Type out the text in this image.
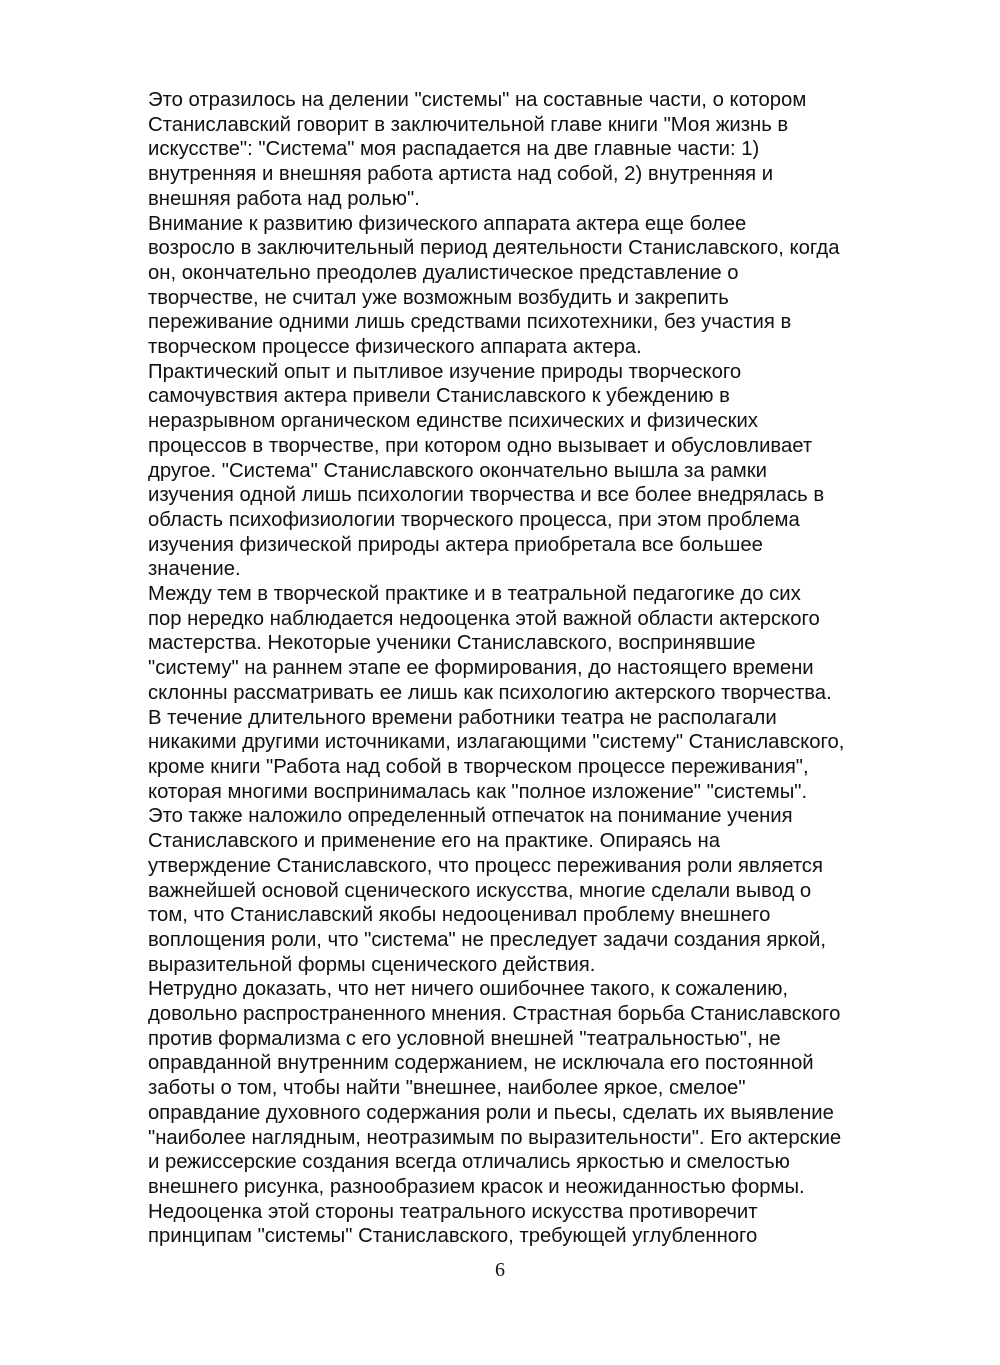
Это отразилось на делении "системы" на составные части, о котором
Станиславский говорит в заключительной главе книги "Моя жизнь в
искусстве": "Система" моя распадается на две главные части: 1)
внутренняя и внешняя работа артиста над собой, 2) внутренняя и
внешняя работа над ролью".

Внимание к развитию физического аппарата актера еще более
возросло в заключительный период деятельности Станиславского, когда
он, окончательно преодолев дуалистическое представление о
творчестве, не считал уже возможным возбудить и закрепить
переживание одними лишь средствами психотехники, без участия в
творческом процессе физического аппарата актера.

Практический опыт и пытливое изучение природы творческого
самочувствия актера привели Станиславского к убеждению в
неразрывном органическом единстве психических и физических
процессов в творчестве, при котором одно вызывает и обусловливает
другое. "Система" Станиславского окончательно вышла за рамки
изучения одной лишь психологии творчества и все более внедрялась в
область психофизиологии творческого процесса, при этом проблема
изучения физической природы актера приобретала все большее
значение.

Между тем в творческой практике и в театральной педагогике до сих
пор нередко наблюдается недооценка этой важной области актерского
мастерства. Некоторые ученики Станиславского, воспринявшие
"систему" на раннем этапе ее формирования, до настоящего времени
склонны рассматривать ее лишь как психологию актерского творчества.
В течение длительного времени работники театра не располагали
никакими другими источниками, излагающими "систему" Станиславского,
кроме книги "Работа над собой в творческом процессе переживания",
которая многими воспринималась как "полное изложение" "системы".
Это также наложило определенный отпечаток на понимание учения
Станиславского и применение его на практике. Опираясь на
утверждение Станиславского, что процесс переживания роли является
важнейшей основой сценического искусства, многие сделали вывод о
том, что Станиславский якобы недооценивал проблему внешнего
воплощения роли, что "система" не преследует задачи создания яркой,
выразительной формы сценического действия.

Нетрудно доказать, что нет ничего ошибочнее такого, к сожалению,
довольно распространенного мнения. Страстная борьба Станиславского
против формализма с его условной внешней "театральностью", не
оправданной внутренним содержанием, не исключала его постоянной
заботы о том, чтобы найти "внешнее, наиболее яркое, смелое"
оправдание духовного содержания роли и пьесы, сделать их выявление
"наиболее наглядным, неотразимым по выразительности". Его актерские
и режиссерские создания всегда отличались яркостью и смелостью
внешнего рисунка, разнообразием красок и неожиданностью формы.

Недооценка этой стороны театрального искусства противоречит
принципам "системы" Станиславского, требующей углубленного

6
